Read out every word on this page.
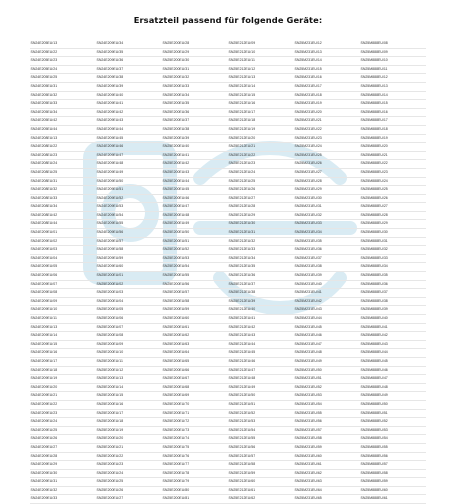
Ersatzteil passend für folgende Geräte:
SN24E205EU/13
SN24E205EU/22
SN24E205EU/23
SN24E205EU/24
SN24E205EU/25
SN24E205EU/31
SN24E205EU/32
SN24E205EU/33
SN24E205EU/34
SN24E205EU/42
SN24E205EU/44
SN24E208EU/13
SN24E208EU/22
SN24E208EU/23
SN24E208EU/24
SN24E208EU/25
SN24E208EU/31
SN24E208EU/32
SN24E208EU/33
SN24E208EU/34
SN24E208EU/42
SN24E208EU/44
SN24E209EU/01
SN24E209EU/02
SN24E209EU/03
SN24E209EU/04
SN24E209EU/05
SN24E209EU/06
SN24E209EU/07
SN24E209EU/08
SN24E209EU/09
SN24E209EU/10
SN24E209EU/11
SN24E209EU/13
SN24E209EU/14
SN24E209EU/15
SN24E209EU/16
SN24E209EU/17
SN24E209EU/18
SN24E209EU/19
SN24E209EU/20
SN24E209EU/21
SN24E209EU/22
SN24E209EU/23
SN24E209EU/24
SN24E209EU/25
SN24E209EU/26
SN24E209EU/27
SN24E209EU/28
SN24E209EU/29
SN24E209EU/30
SN24E209EU/31
SN24E209EU/32
SN24E209EU/33
SN24E209EU/34
SN24E209EU/35
SN24E209EU/36
SN24E209EU/37
SN24E209EU/38
SN24E209EU/39
SN24E209EU/40
SN24E209EU/41
SN24E209EU/42
SN24E209EU/43
SN24E209EU/44
SN24E209EU/45
SN24E209EU/46
SN24E209EU/47
SN24E209EU/48
SN24E209EU/49
SN24E209EU/50
SN24E209EU/51
SN24E209EU/52
SN24E209EU/53
SN24E209EU/54
SN24E209EU/55
SN24E209EU/56
SN24E209EU/57
SN24E209EU/58
SN24E209EU/59
SN24E209EU/60
SN25E200EU/01
SN25E200EU/02
SN25E200EU/03
SN25E200EU/04
SN25E200EU/05
SN25E200EU/06
SN25E200EU/07
SN25E200EU/08
SN25E200EU/09
SN25E200EU/10
SN25E200EU/11
SN25E200EU/12
SN25E200EU/13
SN25E200EU/14
SN25E200EU/15
SN25E200EU/16
SN25E200EU/17
SN25E200EU/18
SN25E200EU/19
SN25E200EU/20
SN25E200EU/21
SN25E200EU/22
SN25E200EU/23
SN25E200EU/24
SN25E200EU/25
SN25E200EU/26
SN25E200EU/27
SN25E200EU/28
SN25E200EU/29
SN25E200EU/30
SN25E200EU/31
SN25E200EU/32
SN25E200EU/33
SN25E200EU/34
SN25E200EU/35
SN25E200EU/36
SN25E200EU/37
SN25E200EU/38
SN25E200EU/39
SN25E200EU/40
SN25E200EU/41
SN25E200EU/42
SN25E200EU/43
SN25E200EU/44
SN25E200EU/45
SN25E200EU/46
SN25E200EU/47
SN25E200EU/48
SN25E200EU/49
SN25E200EU/50
SN25E200EU/51
SN25E200EU/52
SN25E200EU/53
SN25E200EU/54
SN25E200EU/55
SN25E200EU/56
SN25E200EU/57
SN25E200EU/58
SN25E200EU/59
SN25E200EU/60
SN25E200EU/61
SN25E200EU/62
SN25E200EU/63
SN25E200EU/64
SN25E200EU/65
SN25E200EU/66
SN25E200EU/67
SN25E200EU/68
SN25E200EU/69
SN25E200EU/70
SN25E200EU/71
SN25E200EU/72
SN25E200EU/73
SN25E200EU/74
SN25E200EU/75
SN25E200EU/76
SN25E200EU/77
SN25E200EU/78
SN25E200EU/79
SN25E200EU/80
SN25E200EU/81
SN25E212EU/09
SN25E212EU/10
SN25E212EU/11
SN25E212EU/12
SN25E212EU/13
SN25E212EU/14
SN25E212EU/15
SN25E212EU/16
SN25E212EU/17
SN25E212EU/18
SN25E212EU/19
SN25E212EU/20
SN25E212EU/21
SN25E212EU/22
SN25E212EU/23
SN25E212EU/24
SN25E212EU/25
SN25E212EU/26
SN25E212EU/27
SN25E212EU/28
SN25E212EU/29
SN25E212EU/30
SN25E212EU/31
SN25E212EU/32
SN25E212EU/33
SN25E212EU/34
SN25E212EU/35
SN25E212EU/36
SN25E212EU/37
SN25E212EU/38
SN25E212EU/39
SN25E212EU/40
SN25E212EU/41
SN25E212EU/42
SN25E212EU/43
SN25E212EU/44
SN25E212EU/45
SN25E212EU/46
SN25E212EU/47
SN25E212EU/48
SN25E212EU/49
SN25E212EU/50
SN25E212EU/51
SN25E212EU/52
SN25E212EU/53
SN25E212EU/54
SN25E212EU/55
SN25E212EU/56
SN25E212EU/57
SN25E212EU/58
SN25E212EU/59
SN25E212EU/60
SN25E212EU/61
SN25E212EU/62
SN25M231EU/12
SN25M231EU/13
SN25M231EU/14
SN25M231EU/15
SN25M231EU/16
SN25M231EU/17
SN25M231EU/18
SN25M231EU/19
SN25M231EU/20
SN25M231EU/21
SN25M231EU/22
SN25M231EU/23
SN25M231EU/24
SN25M231EU/25
SN25M231EU/26
SN25M231EU/27
SN25M231EU/28
SN25M231EU/29
SN25M231EU/30
SN25M231EU/31
SN25M231EU/32
SN25M231EU/33
SN25M231EU/34
SN25M231EU/35
SN25M231EU/36
SN25M231EU/37
SN25M231EU/38
SN25M231EU/39
SN25M231EU/40
SN25M231EU/41
SN25M231EU/42
SN25M231EU/43
SN25M231EU/44
SN25M231EU/45
SN25M231EU/46
SN25M231EU/47
SN25M231EU/48
SN25M231EU/49
SN25M231EU/50
SN25M231EU/51
SN25M231EU/52
SN25M231EU/53
SN25M231EU/54
SN25M231EU/55
SN25M231EU/56
SN25M231EU/57
SN25M231EU/58
SN25M231EU/59
SN25M231EU/60
SN25M231EU/61
SN25M231EU/62
SN25M231EU/63
SN25M231EU/64
SN25M231EU/65
SN25M888EU/08
SN25M888EU/09
SN25M888EU/10
SN25M888EU/11
SN25M888EU/12
SN25M888EU/13
SN25M888EU/14
SN25M888EU/15
SN25M888EU/16
SN25M888EU/17
SN25M888EU/18
SN25M888EU/19
SN25M888EU/20
SN25M888EU/21
SN25M888EU/22
SN25M888EU/23
SN25M888EU/24
SN25M888EU/25
SN25M888EU/26
SN25M888EU/27
SN25M888EU/28
SN25M888EU/29
SN25M888EU/30
SN25M888EU/31
SN25M888EU/32
SN25M888EU/33
SN25M888EU/34
SN25M888EU/35
SN25M888EU/36
SN25M888EU/37
SN25M888EU/38
SN25M888EU/39
SN25M888EU/40
SN25M888EU/41
SN25M888EU/42
SN25M888EU/43
SN25M888EU/44
SN25M888EU/45
SN25M888EU/46
SN25M888EU/47
SN25M888EU/48
SN25M888EU/49
SN25M888EU/50
SN25M888EU/51
SN25M888EU/52
SN25M888EU/53
SN25M888EU/54
SN25M888EU/55
SN25M888EU/56
SN25M888EU/57
SN25M888EU/58
SN25M888EU/59
SN25M888EU/60
SN25M888EU/61
